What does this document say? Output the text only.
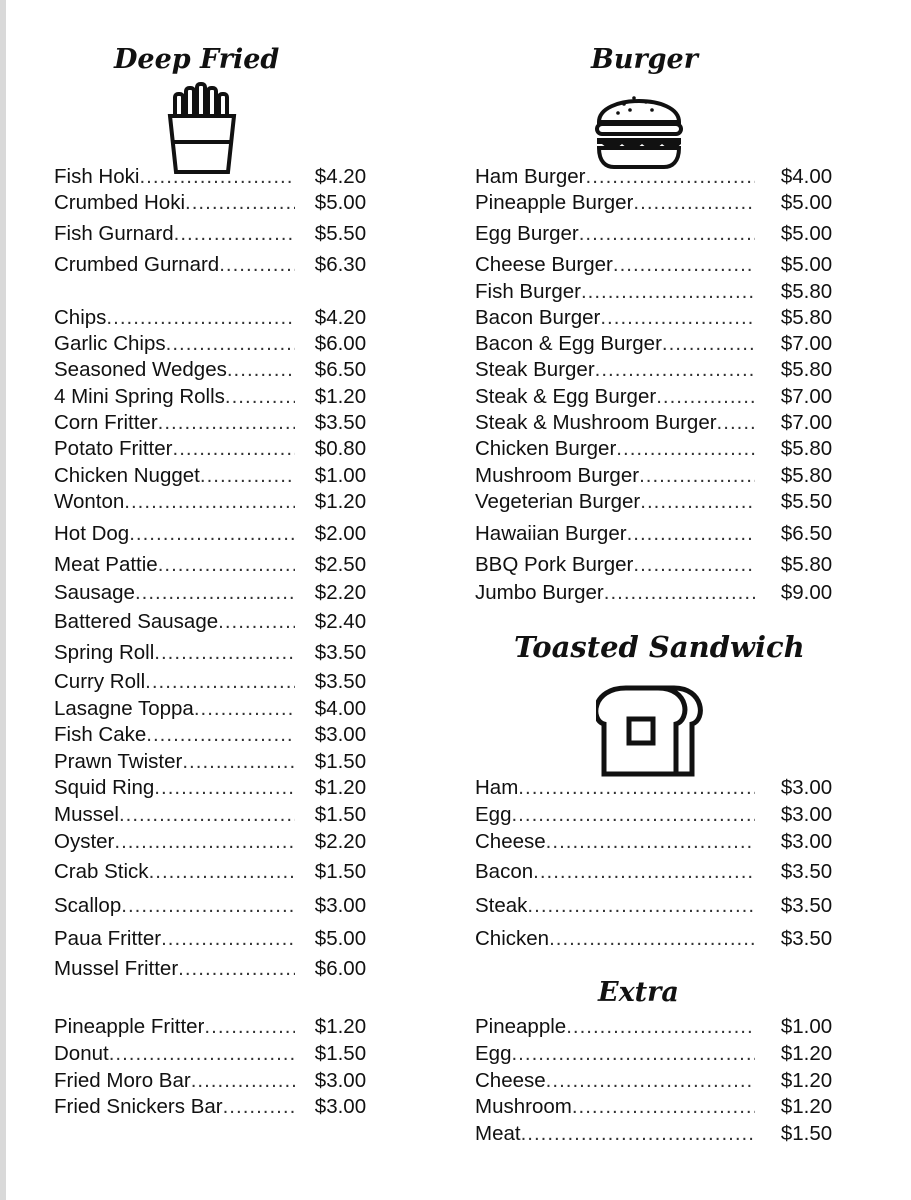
Deep Fried	Burger
Toasted Sandwich
Extra
Fish Hoki .....	$4.20
Crumbed Hoki .....	$5.00
Fish Gurnard .....	$5.50
Crumbed Gurnard .....	$6.30
Chips .....	$4.20
Garlic Chips .....	$6.00
Seasoned Wedges .....	$6.50
4 Mini Spring Rolls .....	$1.20
Corn Fritter .....	$3.50
Potato Fritter .....	$0.80
Chicken Nugget .....	$1.00
Wonton .....	$1.20
Hot Dog .....	$2.00
Meat Pattie .....	$2.50
Sausage .....	$2.20
Battered Sausage .....	$2.40
Spring Roll .....	$3.50
Curry Roll .....	$3.50
Lasagne Toppa .....	$4.00
Fish Cake .....	$3.00
Prawn Twister .....	$1.50
Squid Ring .....	$1.20
Mussel .....	$1.50
Oyster .....	$2.20
Crab Stick .....	$1.50
Scallop .....	$3.00
Paua Fritter .....	$5.00
Mussel Fritter .....	$6.00
Pineapple Fritter .....	$1.20
Donut .....	$1.50
Fried Moro Bar .....	$3.00
Fried Snickers Bar .....	$3.00
Ham Burger .....	$4.00
Pineapple Burger .....	$5.00
Egg Burger .....	$5.00
Cheese Burger .....	$5.00
Fish Burger .....	$5.80
Bacon Burger .....	$5.80
Bacon & Egg Burger .....	$7.00
Steak Burger .....	$5.80
Steak & Egg Burger .....	$7.00
Steak & Mushroom Burger .....	$7.00
Chicken Burger .....	$5.80
Mushroom Burger .....	$5.80
Vegeterian Burger .....	$5.50
Hawaiian Burger .....	$6.50
BBQ Pork Burger .....	$5.80
Jumbo Burger .....	$9.00
Ham .....	$3.00
Egg .....	$3.00
Cheese .....	$3.00
Bacon .....	$3.50
Steak .....	$3.50
Chicken .....	$3.50
Pineapple .....	$1.00
Egg .....	$1.20
Cheese .....	$1.20
Mushroom .....	$1.20
Meat .....	$1.50
